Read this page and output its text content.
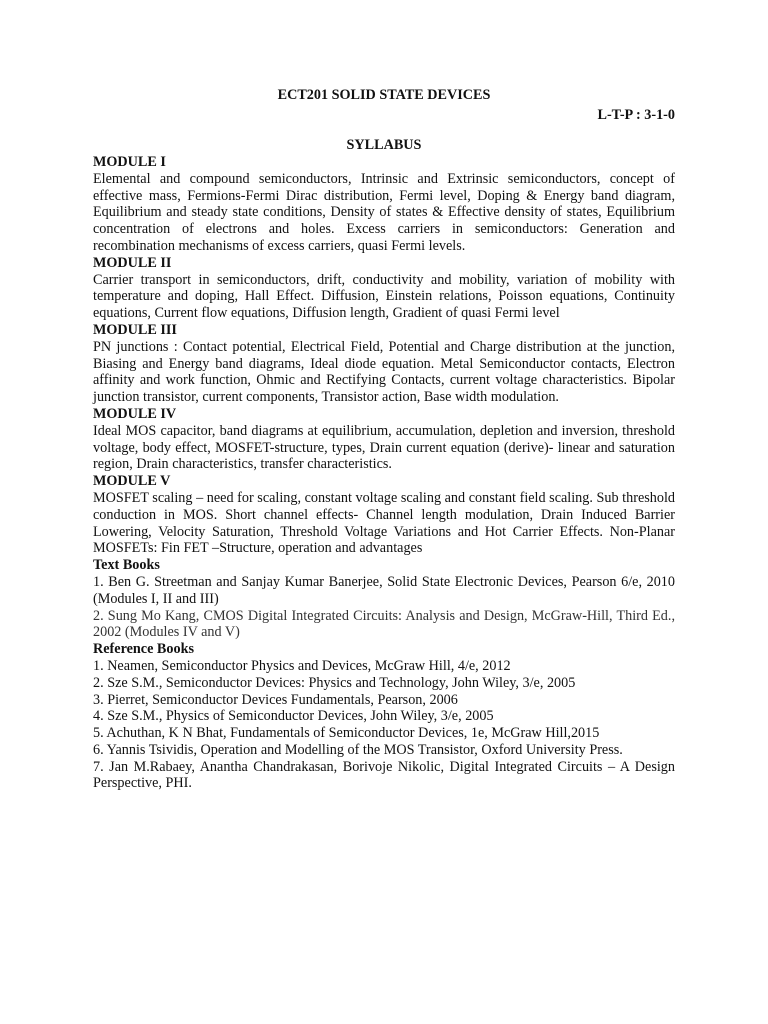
ECT201 SOLID STATE DEVICES

L-T-P : 3-1-0

SYLLABUS

MODULE I

Elemental and compound semiconductors, Intrinsic and Extrinsic semiconductors, concept of effective mass, Fermions-Fermi Dirac distribution, Fermi level, Doping & Energy band diagram, Equilibrium and steady state conditions, Density of states & Effective density of states, Equilibrium concentration of electrons and holes. Excess carriers in semiconductors: Generation and recombination mechanisms of excess carriers, quasi Fermi levels.

MODULE II

Carrier transport in semiconductors, drift, conductivity and mobility, variation of mobility with temperature and doping, Hall Effect. Diffusion, Einstein relations, Poisson equations, Continuity equations, Current flow equations, Diffusion length, Gradient of quasi Fermi level

MODULE III

PN junctions : Contact potential, Electrical Field, Potential and Charge distribution at the junction, Biasing and Energy band diagrams, Ideal diode equation. Metal Semiconductor contacts, Electron affinity and work function, Ohmic and Rectifying Contacts, current voltage characteristics. Bipolar junction transistor, current components, Transistor action, Base width modulation.

MODULE IV

Ideal MOS capacitor, band diagrams at equilibrium, accumulation, depletion and inversion, threshold voltage, body effect, MOSFET-structure, types, Drain current equation (derive)- linear and saturation region, Drain characteristics, transfer characteristics.

MODULE V

MOSFET scaling – need for scaling, constant voltage scaling and constant field scaling. Sub threshold conduction in MOS. Short channel effects- Channel length modulation, Drain Induced Barrier Lowering, Velocity Saturation, Threshold Voltage Variations and Hot Carrier Effects. Non-Planar MOSFETs: Fin FET –Structure, operation and advantages

Text Books

1. Ben G. Streetman and Sanjay Kumar Banerjee, Solid State Electronic Devices, Pearson 6/e, 2010 (Modules I, II and III)
2. Sung Mo Kang, CMOS Digital Integrated Circuits: Analysis and Design, McGraw-Hill, Third Ed., 2002 (Modules IV and V)

Reference Books

1. Neamen, Semiconductor Physics and Devices, McGraw Hill, 4/e, 2012
2. Sze S.M., Semiconductor Devices: Physics and Technology, John Wiley, 3/e, 2005
3. Pierret, Semiconductor Devices Fundamentals, Pearson, 2006
4. Sze S.M., Physics of Semiconductor Devices, John Wiley, 3/e, 2005
5. Achuthan, K N Bhat, Fundamentals of Semiconductor Devices, 1e, McGraw Hill,2015
6. Yannis Tsividis, Operation and Modelling of the MOS Transistor, Oxford University Press.
7. Jan M.Rabaey, Anantha Chandrakasan, Borivoje Nikolic, Digital Integrated Circuits – A Design Perspective, PHI.
